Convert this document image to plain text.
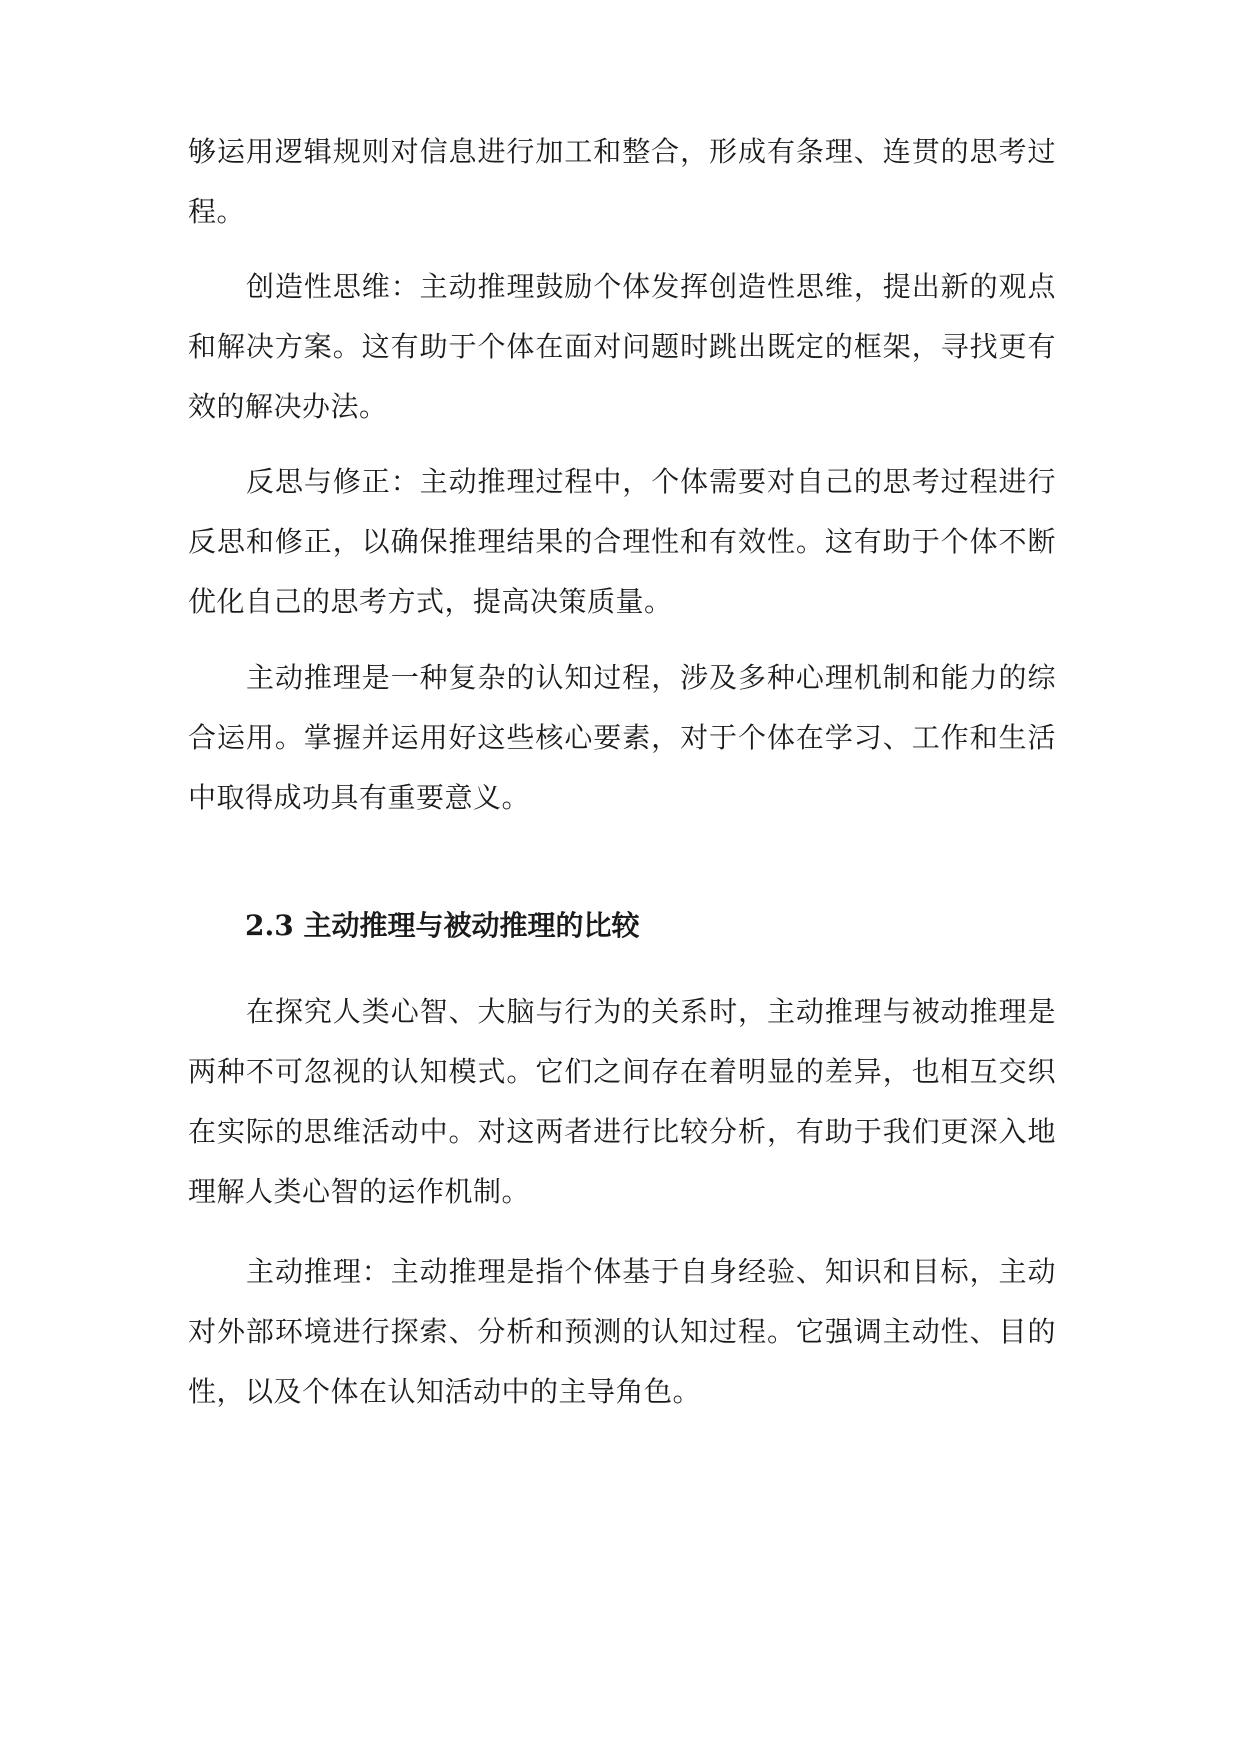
够运用逻辑规则对信息进行加工和整合，形成有条理、连贯的思考过程。

创造性思维：主动推理鼓励个体发挥创造性思维，提出新的观点和解决方案。这有助于个体在面对问题时跳出既定的框架，寻找更有效的解决办法。

反思与修正：主动推理过程中，个体需要对自己的思考过程进行反思和修正，以确保推理结果的合理性和有效性。这有助于个体不断优化自己的思考方式，提高决策质量。

主动推理是一种复杂的认知过程，涉及多种心理机制和能力的综合运用。掌握并运用好这些核心要素，对于个体在学习、工作和生活中取得成功具有重要意义。

2.3 主动推理与被动推理的比较

在探究人类心智、大脑与行为的关系时，主动推理与被动推理是两种不可忽视的认知模式。它们之间存在着明显的差异，也相互交织在实际的思维活动中。对这两者进行比较分析，有助于我们更深入地理解人类心智的运作机制。

主动推理：主动推理是指个体基于自身经验、知识和目标，主动对外部环境进行探索、分析和预测的认知过程。它强调主动性、目的性，以及个体在认知活动中的主导角色。
